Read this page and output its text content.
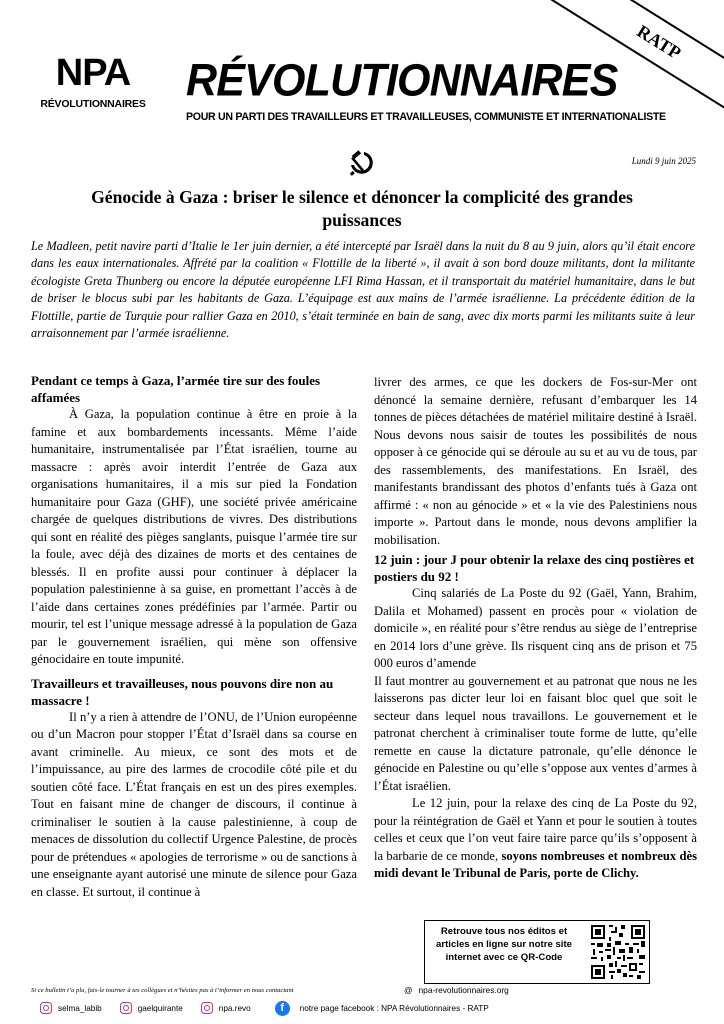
NPA
RÉVOLUTIONNAIRES RÉVOLUTIONNAIRES
POUR UN PARTI DES TRAVAILLEURS ET TRAVAILLEUSES, COMMUNISTE ET INTERNATIONALISTE
RATP
Lundi 9 juin 2025
Génocide à Gaza : briser le silence et dénoncer la complicité des grandes puissances

Le Madleen, petit navire parti d’Italie le 1er juin dernier, a été intercepté par Israël dans la nuit du 8 au 9 juin, alors qu’il était encore dans les eaux internationales. Affrété par la coalition « Flottille de la liberté », il avait à son bord douze militants, dont la militante écologiste Greta Thunberg ou encore la députée européenne LFI Rima Hassan, et il transportait du matériel humanitaire, dans le but de briser le blocus subi par les habitants de Gaza. L’équipage est aux mains de l’armée israélienne. La précédente édition de la Flottille, partie de Turquie pour rallier Gaza en 2010, s’était terminée en bain de sang, avec dix morts parmi les militants suite à leur arraisonnement par l’armée israélienne.

Pendant ce temps à Gaza, l’armée tire sur des foules affamées

À Gaza, la population continue à être en proie à la famine et aux bombardements incessants. Même l’aide humanitaire, instrumentalisée par l’État israélien, tourne au massacre : après avoir interdit l’entrée de Gaza aux organisations humanitaires, il a mis sur pied la Fondation humanitaire pour Gaza (GHF), une société privée américaine chargée de quelques distributions de vivres. Des distributions qui sont en réalité des pièges sanglants, puisque l’armée tire sur la foule, avec déjà des dizaines de morts et des centaines de blessés. Il en profite aussi pour continuer à déplacer la population palestinienne à sa guise, en promettant l’accès à de l’aide dans certaines zones prédéfinies par l’armée. Partir ou mourir, tel est l’unique message adressé à la population de Gaza par le gouvernement israélien, qui mène son offensive génocidaire en toute impunité.

Travailleurs et travailleuses, nous pouvons dire non au massacre !

Il n’y a rien à attendre de l’ONU, de l’Union européenne ou d’un Macron pour stopper l’État d’Israël dans sa course en avant criminelle. Au mieux, ce sont des mots et de l’impuissance, au pire des larmes de crocodile côté pile et du soutien côté face. L’État français en est un des pires exemples. Tout en faisant mine de changer de discours, il continue à criminaliser le soutien à la cause palestinienne, à coup de menaces de dissolution du collectif Urgence Palestine, de procès pour de prétendues « apologies de terrorisme » ou de sanctions à une enseignante ayant autorisé une minute de silence pour Gaza en classe. Et surtout, il continue à

livrer des armes, ce que les dockers de Fos-sur-Mer ont dénoncé la semaine dernière, refusant d’embarquer les 14 tonnes de pièces détachées de matériel militaire destiné à Israël. Nous devons nous saisir de toutes les possibilités de nous opposer à ce génocide qui se déroule au su et au vu de tous, par des rassemblements, des manifestations. En Israël, des manifestants brandissant des photos d’enfants tués à Gaza ont affirmé : « non au génocide » et « la vie des Palestiniens nous importe ». Partout dans le monde, nous devons amplifier la mobilisation.

12 juin : jour J pour obtenir la relaxe des cinq postières et postiers du 92 !

Cinq salariés de La Poste du 92 (Gaël, Yann, Brahim, Dalila et Mohamed) passent en procès pour « violation de domicile », en réalité pour s’être rendus au siège de l’entreprise en 2014 lors d’une grève. Ils risquent cinq ans de prison et 75 000 euros d’amende

Il faut montrer au gouvernement et au patronat que nous ne les laisserons pas dicter leur loi en faisant bloc quel que soit le secteur dans lequel nous travaillons. Le gouvernement et le patronat cherchent à criminaliser toute forme de lutte, qu’elle remette en cause la dictature patronale, qu’elle dénonce le génocide en Palestine ou qu’elle s’oppose aux ventes d’armes à l’État israélien.

Le 12 juin, pour la relaxe des cinq de La Poste du 92, pour la réintégration de Gaël et Yann et pour le soutien à toutes celles et ceux que l’on veut faire taire parce qu’ils s’opposent à la barbarie de ce monde, soyons nombreuses et nombreux dès midi devant le Tribunal de Paris, porte de Clichy.

Retrouve tous nos éditos et articles en ligne sur notre site internet avec ce QR-Code
Si ce bulletin t’a plu, fais-le tourner à tes collègues et n’hésites pas à t’informer en nous contactant	@ npa-revolutionnaires.org
selma_labib	gaelquirante	npa.revo	f	notre page facebook : NPA Révolutionnaires - RATP
